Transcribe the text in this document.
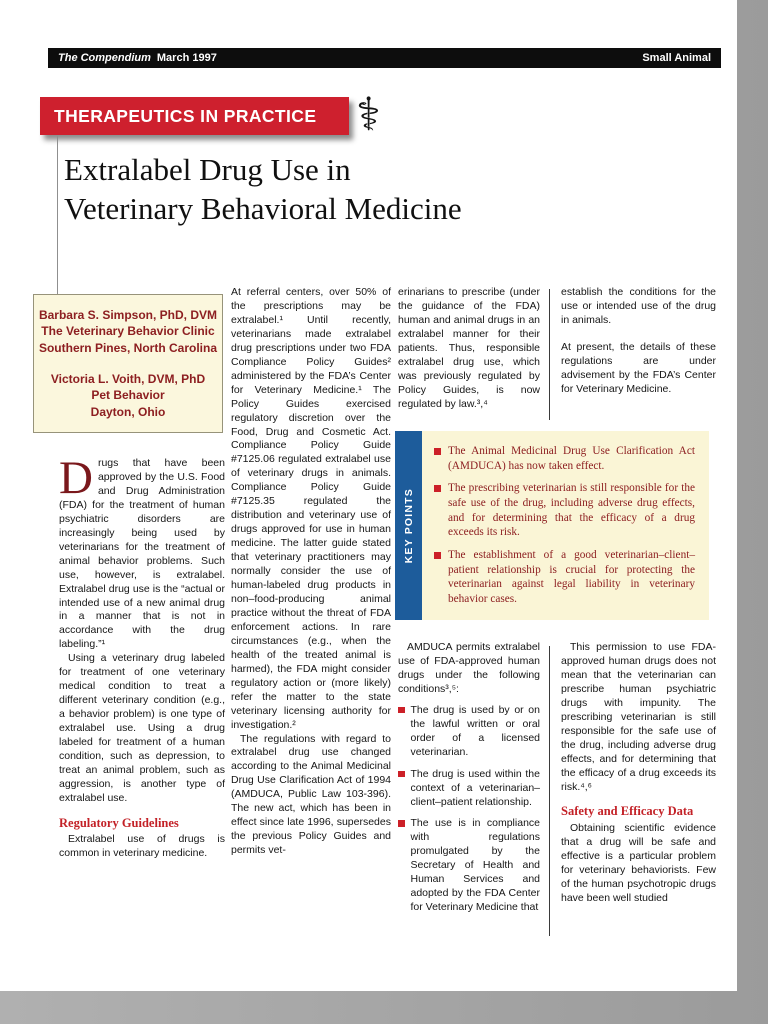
The Compendium March 1997	Small Animal
THERAPEUTICS IN PRACTICE ⚕
Extralabel Drug Use in
Veterinary Behavioral Medicine
Barbara S. Simpson, PhD, DVM
The Veterinary Behavior Clinic
Southern Pines, North Carolina
Victoria L. Voith, DVM, PhD
Pet Behavior
Dayton, Ohio

Drugs that have been approved by the U.S. Food and Drug Administration (FDA) for the treatment of human psychiatric disorders are increasingly being used by veterinarians for the treatment of animal behavior problems. Such use, however, is extralabel. Extralabel drug use is the “actual or intended use of a new animal drug in a manner that is not in accordance with the drug labeling.”¹

Using a veterinary drug labeled for treatment of one veterinary medical condition to treat a different veterinary condition (e.g., a behavior problem) is one type of extralabel use. Using a drug labeled for treatment of a human condition, such as depression, to treat an animal problem, such as aggression, is another type of extralabel use.

Regulatory Guidelines

Extralabel use of drugs is common in veterinary medicine.

At referral centers, over 50% of the prescriptions may be extralabel.¹ Until recently, veterinarians made extralabel drug prescriptions under two FDA Compliance Policy Guides² administered by the FDA’s Center for Veterinary Medicine.¹ The Policy Guides exercised regulatory discretion over the Food, Drug and Cosmetic Act. Compliance Policy Guide #7125.06 regulated extralabel use of veterinary drugs in animals. Compliance Policy Guide #7125.35 regulated the distribution and veterinary use of drugs approved for use in human medicine. The latter guide stated that veterinary practitioners may normally consider the use of human-labeled drug products in non–food-producing animal practice without the threat of FDA enforcement actions. In rare circumstances (e.g., when the health of the treated animal is harmed), the FDA might consider regulatory action or (more likely) refer the matter to the state veterinary licensing authority for investigation.²

The regulations with regard to extralabel drug use changed according to the Animal Medicinal Drug Use Clarification Act of 1994 (AMDUCA, Public Law 103-396). The new act, which has been in effect since late 1996, supersedes the previous Policy Guides and permits vet-

erinarians to prescribe (under the guidance of the FDA) human and animal drugs in an extralabel manner for their patients. Thus, responsible extralabel drug use, which was previously regulated by Policy Guides, is now regulated by law.³,⁴

establish the conditions for the use or intended use of the drug in animals.

At present, the details of these regulations are under advisement by the FDA’s Center for Veterinary Medicine.

KEY POINTS
The Animal Medicinal Drug Use Clarification Act (AMDUCA) has now taken effect.
The prescribing veterinarian is still responsible for the safe use of the drug, including adverse drug effects, and for determining that the efficacy of a drug exceeds its risk.
The establishment of a good veterinarian–client–patient relationship is crucial for protecting the veterinarian against legal liability in veterinary behavior cases.

AMDUCA permits extralabel use of FDA-approved human drugs under the following conditions³,⁵:

The drug is used by or on the lawful written or oral order of a licensed veterinarian.
The drug is used within the context of a veterinarian–client–patient relationship.
The use is in compliance with regulations promulgated by the Secretary of Health and Human Services and adopted by the FDA Center for Veterinary Medicine that

This permission to use FDA-approved human drugs does not mean that the veterinarian can prescribe human psychiatric drugs with impunity. The prescribing veterinarian is still responsible for the safe use of the drug, including adverse drug effects, and for determining that the efficacy of a drug exceeds its risk.⁴,⁶

Safety and Efficacy Data

Obtaining scientific evidence that a drug will be safe and effective is a particular problem for veterinary behaviorists. Few of the human psychotropic drugs have been well studied
